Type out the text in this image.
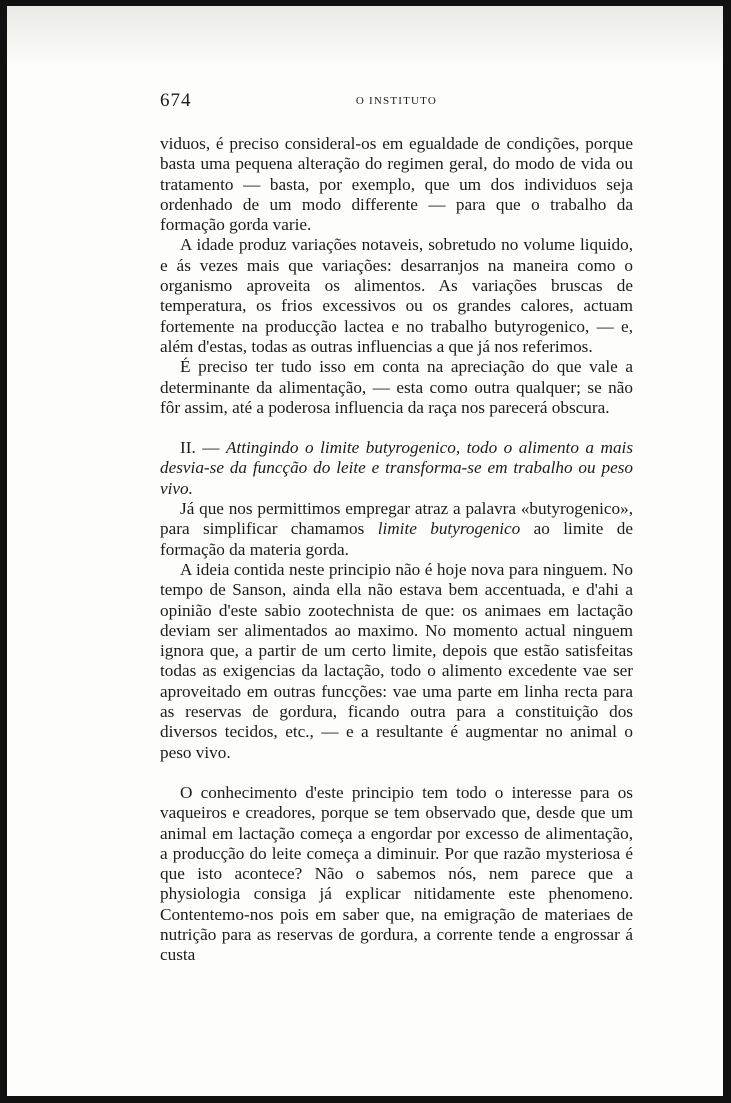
674	O INSTITUTO

viduos, é preciso consideral-os em egualdade de condições, porque basta uma pequena alteração do regimen geral, do modo de vida ou tratamento — basta, por exemplo, que um dos individuos seja ordenhado de um modo differente — para que o trabalho da formação gorda varie.

A idade produz variações notaveis, sobretudo no volume liquido, e ás vezes mais que variações: desarranjos na maneira como o organismo aproveita os alimentos. As variações bruscas de temperatura, os frios excessivos ou os grandes calores, actuam fortemente na producção lactea e no trabalho butyrogenico, — e, além d'estas, todas as outras influencias a que já nos referimos.

É preciso ter tudo isso em conta na apreciação do que vale a determinante da alimentação, — esta como outra qualquer; se não fôr assim, até a poderosa influencia da raça nos parecerá obscura.

II. — Attingindo o limite butyrogenico, todo o alimento a mais desvia-se da funcção do leite e transforma-se em trabalho ou peso vivo.

Já que nos permittimos empregar atraz a palavra «butyrogenico», para simplificar chamamos limite butyrogenico ao limite de formação da materia gorda.

A ideia contida neste principio não é hoje nova para ninguem. No tempo de Sanson, ainda ella não estava bem accentuada, e d'ahi a opinião d'este sabio zootechnista de que: os animaes em lactação deviam ser alimentados ao maximo. No momento actual ninguem ignora que, a partir de um certo limite, depois que estão satisfeitas todas as exigencias da lactação, todo o alimento excedente vae ser aproveitado em outras funcções: vae uma parte em linha recta para as reservas de gordura, ficando outra para a constituição dos diversos tecidos, etc., — e a resultante é augmentar no animal o peso vivo.

O conhecimento d'este principio tem todo o interesse para os vaqueiros e creadores, porque se tem observado que, desde que um animal em lactação começa a engordar por excesso de alimentação, a producção do leite começa a diminuir. Por que razão mysteriosa é que isto acontece? Não o sabemos nós, nem parece que a physiologia consiga já explicar nitidamente este phenomeno. Contentemo-nos pois em saber que, na emigração de materiaes de nutrição para as reservas de gordura, a corrente tende a engrossar á custa
